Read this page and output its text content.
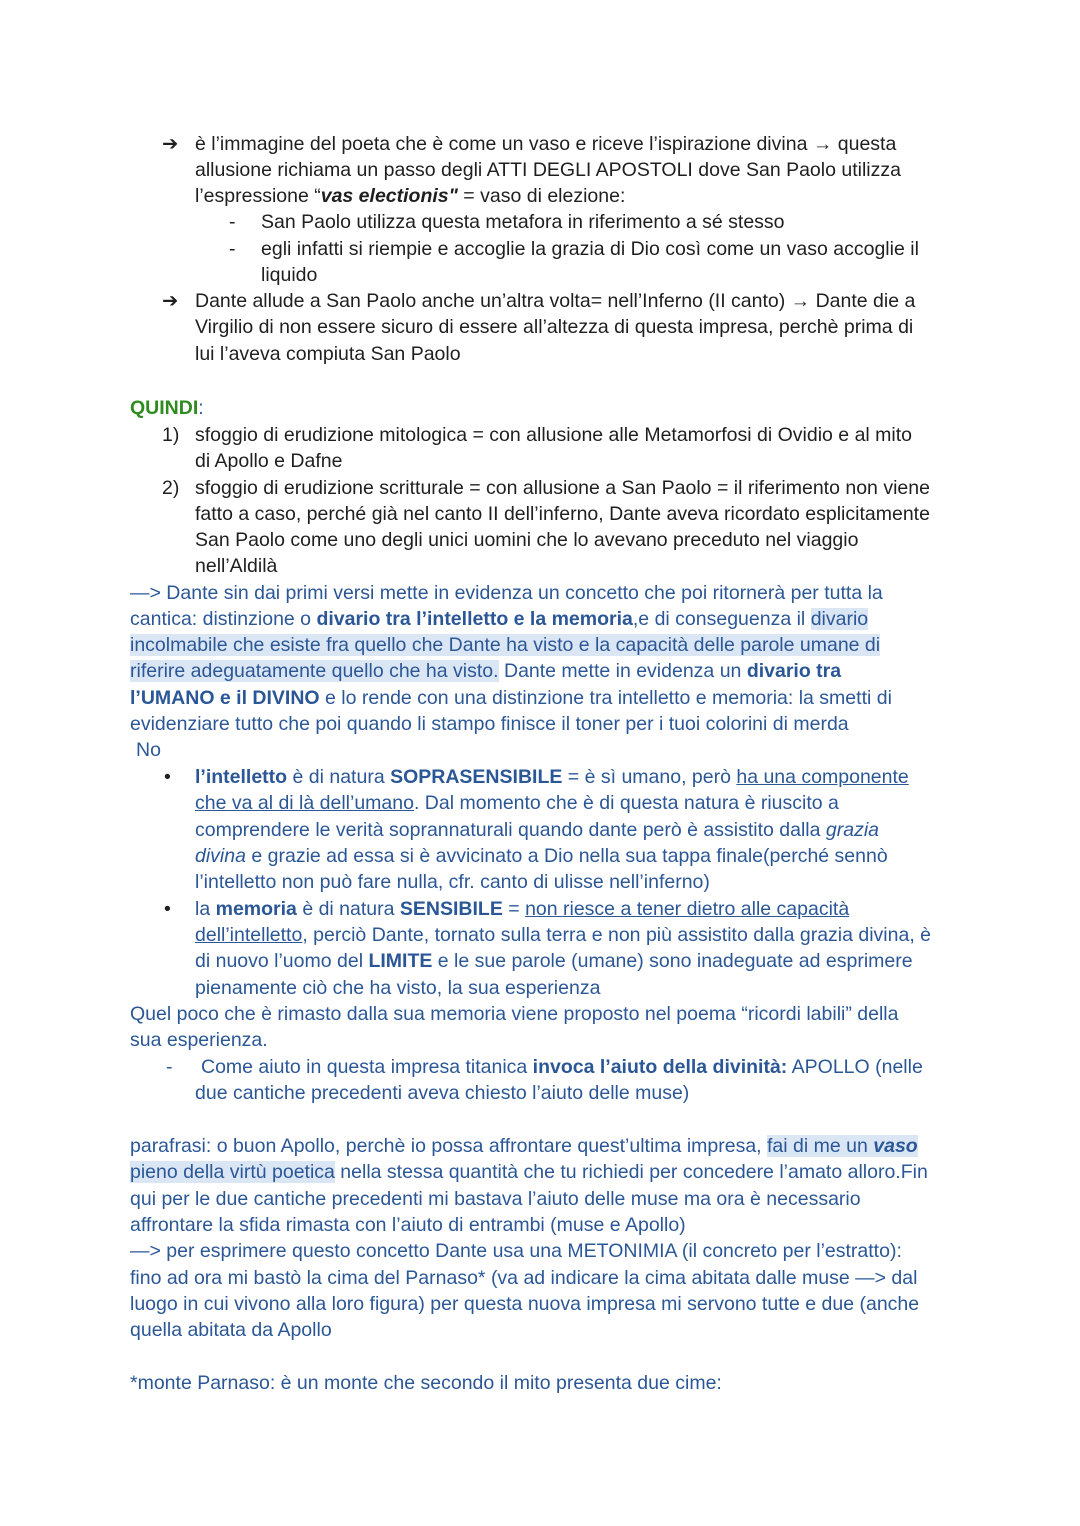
➔ è l’immagine del poeta che è come un vaso e riceve l’ispirazione divina → questa
allusione richiama un passo degli ATTI DEGLI APOSTOLI dove San Paolo utilizza
l’espressione “vas electionis" = vaso di elezione:
- San Paolo utilizza questa metafora in riferimento a sé stesso
- egli infatti si riempie e accoglie la grazia di Dio così come un vaso accoglie il
liquido
➔ Dante allude a San Paolo anche un’altra volta= nell’Inferno (II canto) → Dante die a
Virgilio di non essere sicuro di essere all’altezza di questa impresa, perchè prima di
lui l’aveva compiuta San Paolo
QUINDI:
1) sfoggio di erudizione mitologica = con allusione alle Metamorfosi di Ovidio e al mito
di Apollo e Dafne
2) sfoggio di erudizione scritturale = con allusione a San Paolo = il riferimento non viene
fatto a caso, perché già nel canto II dell’inferno, Dante aveva ricordato esplicitamente
San Paolo come uno degli unici uomini che lo avevano preceduto nel viaggio
nell’Aldilà
—> Dante sin dai primi versi mette in evidenza un concetto che poi ritornerà per tutta la
cantica: distinzione o divario tra l’intelletto e la memoria,e di conseguenza il divario
incolmabile che esiste fra quello che Dante ha visto e la capacità delle parole umane di
riferire adeguatamente quello che ha visto. Dante mette in evidenza un divario tra
l’UMANO e il DIVINO e lo rende con una distinzione tra intelletto e memoria: la smetti di
evidenziare tutto che poi quando li stampo finisce il toner per i tuoi colorini di merda
No
• l’intelletto è di natura SOPRASENSIBILE = è sì umano, però ha una componente
che va al di là dell’umano. Dal momento che è di questa natura è riuscito a
comprendere le verità soprannaturali quando dante però è assistito dalla grazia
divina e grazie ad essa si è avvicinato a Dio nella sua tappa finale(perché sennò
l’intelletto non può fare nulla, cfr. canto di ulisse nell’inferno)
• la memoria è di natura SENSIBILE = non riesce a tener dietro alle capacità
dell’intelletto, perciò Dante, tornato sulla terra e non più assistito dalla grazia divina, è
di nuovo l’uomo del LIMITE e le sue parole (umane) sono inadeguate ad esprimere
pienamente ciò che ha visto, la sua esperienza
Quel poco che è rimasto dalla sua memoria viene proposto nel poema “ricordi labili” della
sua esperienza.
- Come aiuto in questa impresa titanica invoca l’aiuto della divinità: APOLLO (nelle
due cantiche precedenti aveva chiesto l’aiuto delle muse)
parafrasi: o buon Apollo, perchè io possa affrontare quest’ultima impresa, fai di me un vaso
pieno della virtù poetica nella stessa quantità che tu richiedi per concedere l’amato alloro.Fin
qui per le due cantiche precedenti mi bastava l’aiuto delle muse ma ora è necessario
affrontare la sfida rimasta con l’aiuto di entrambi (muse e Apollo)
—> per esprimere questo concetto Dante usa una METONIMIA (il concreto per l’estratto):
fino ad ora mi bastò la cima del Parnaso* (va ad indicare la cima abitata dalle muse —> dal
luogo in cui vivono alla loro figura) per questa nuova impresa mi servono tutte e due (anche
quella abitata da Apollo
*monte Parnaso: è un monte che secondo il mito presenta due cime:
